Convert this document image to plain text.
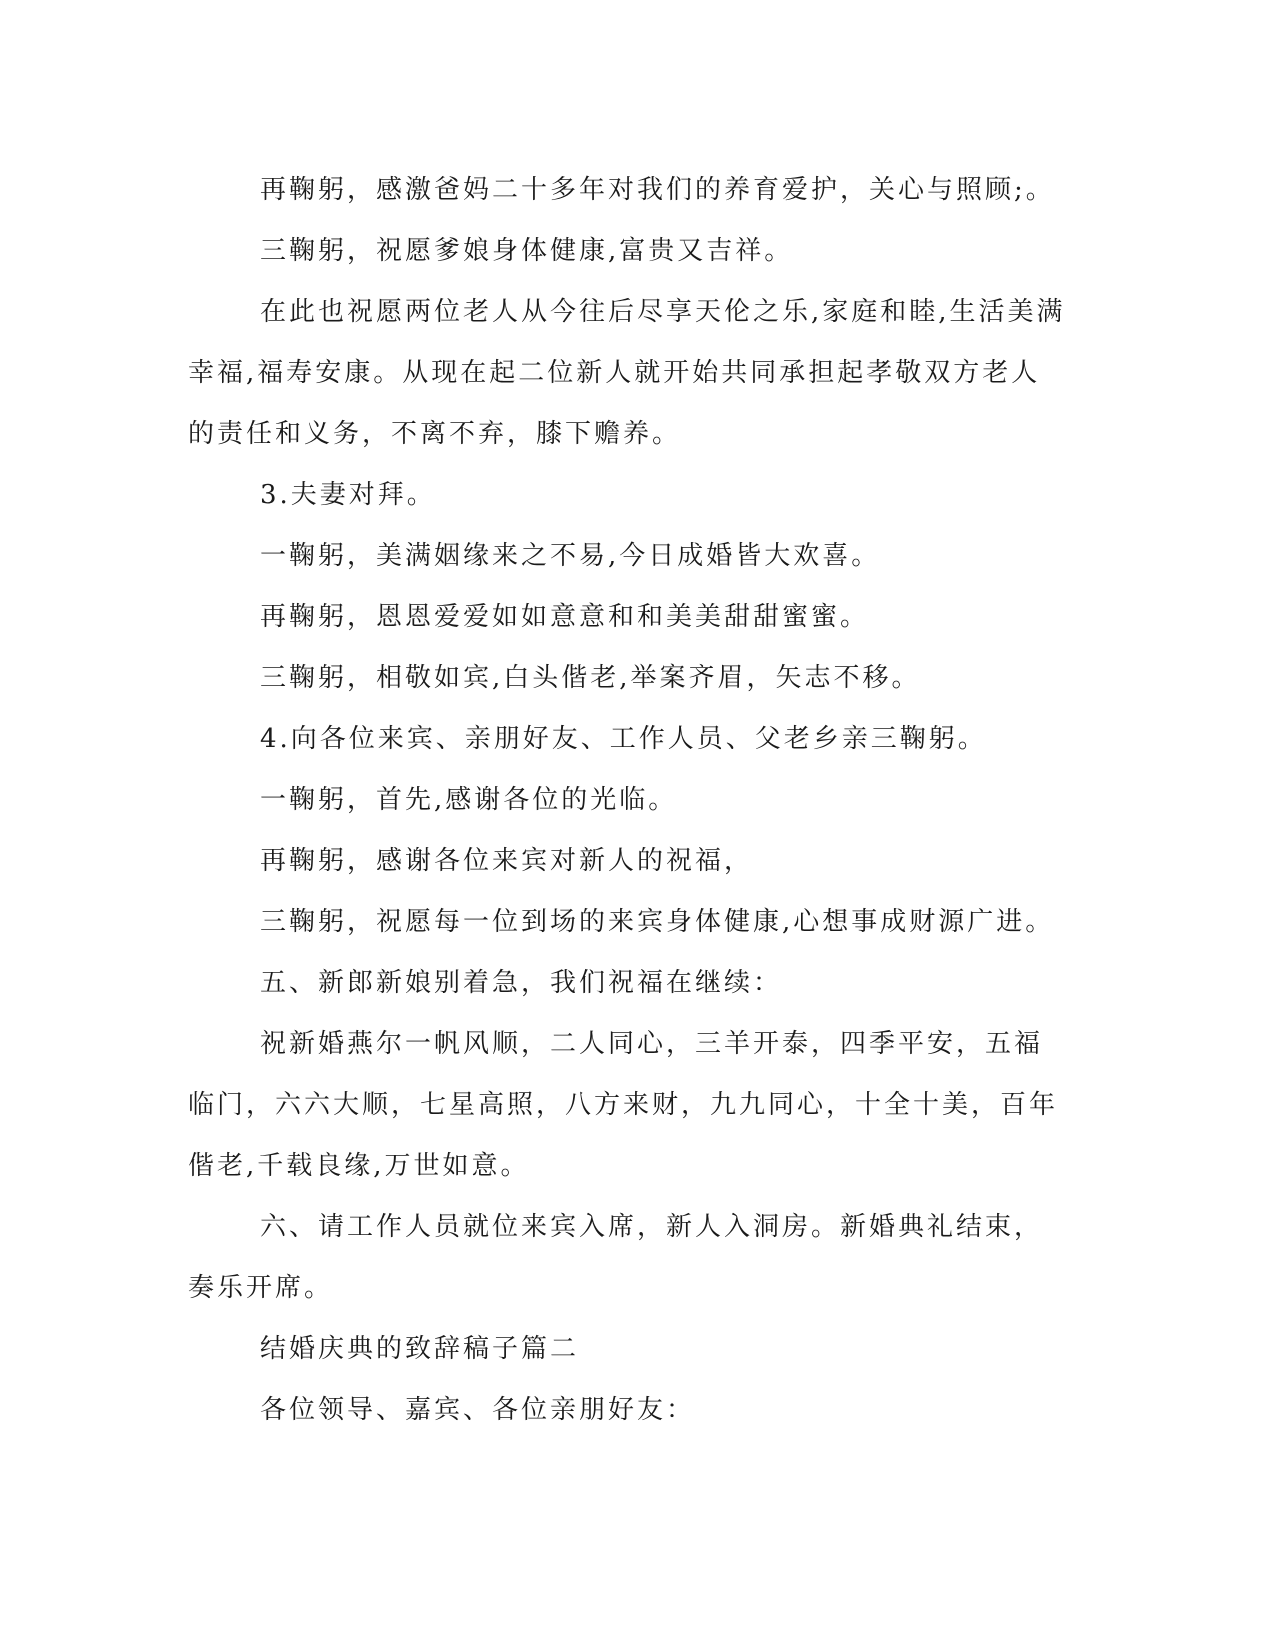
再鞠躬，感激爸妈二十多年对我们的养育爱护，关心与照顾;。

三鞠躬，祝愿爹娘身体健康,富贵又吉祥。

在此也祝愿两位老人从今往后尽享天伦之乐,家庭和睦,生活美满幸福,福寿安康。从现在起二位新人就开始共同承担起孝敬双方老人的责任和义务，不离不弃，膝下赡养。

3.夫妻对拜。

一鞠躬，美满姻缘来之不易,今日成婚皆大欢喜。

再鞠躬，恩恩爱爱如如意意和和美美甜甜蜜蜜。

三鞠躬，相敬如宾,白头偕老,举案齐眉，矢志不移。

4.向各位来宾、亲朋好友、工作人员、父老乡亲三鞠躬。

一鞠躬，首先,感谢各位的光临。

再鞠躬，感谢各位来宾对新人的祝福，

三鞠躬，祝愿每一位到场的来宾身体健康,心想事成财源广进。

五、新郎新娘别着急，我们祝福在继续：

祝新婚燕尔一帆风顺，二人同心，三羊开泰，四季平安，五福临门，六六大顺，七星高照，八方来财，九九同心，十全十美，百年偕老,千载良缘,万世如意。

六、请工作人员就位来宾入席，新人入洞房。新婚典礼结束，奏乐开席。

结婚庆典的致辞稿子篇二

各位领导、嘉宾、各位亲朋好友：
